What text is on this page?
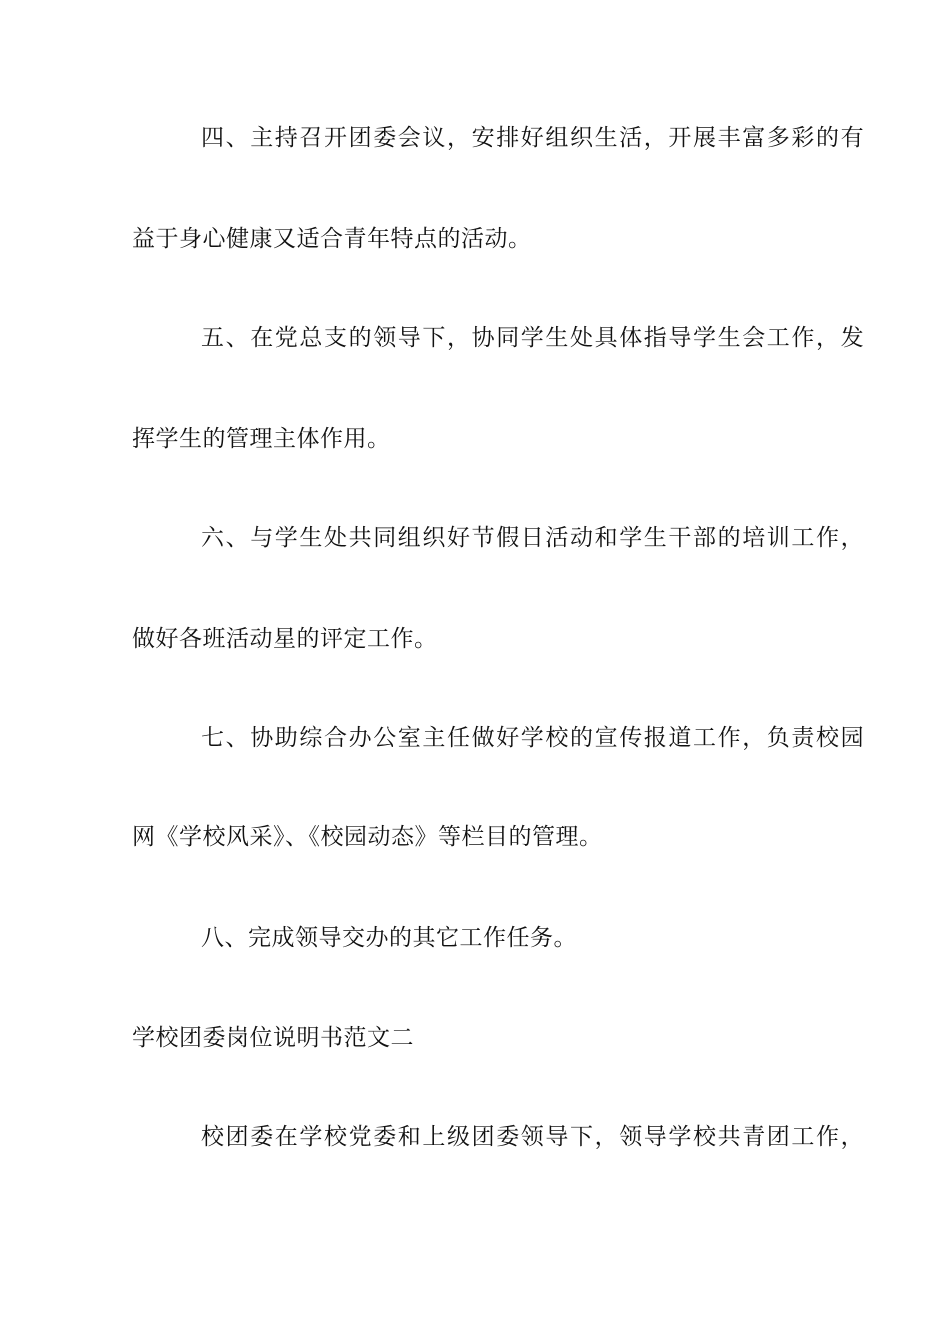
四、主持召开团委会议，安排好组织生活，开展丰富多彩的有
益于身心健康又适合青年特点的活动。
五、在党总支的领导下，协同学生处具体指导学生会工作，发
挥学生的管理主体作用。
六、与学生处共同组织好节假日活动和学生干部的培训工作，
做好各班活动星的评定工作。
七、协助综合办公室主任做好学校的宣传报道工作，负责校园
网《学校风采》、《校园动态》等栏目的管理。
八、完成领导交办的其它工作任务。
学校团委岗位说明书范文二
校团委在学校党委和上级团委领导下，领导学校共青团工作，
